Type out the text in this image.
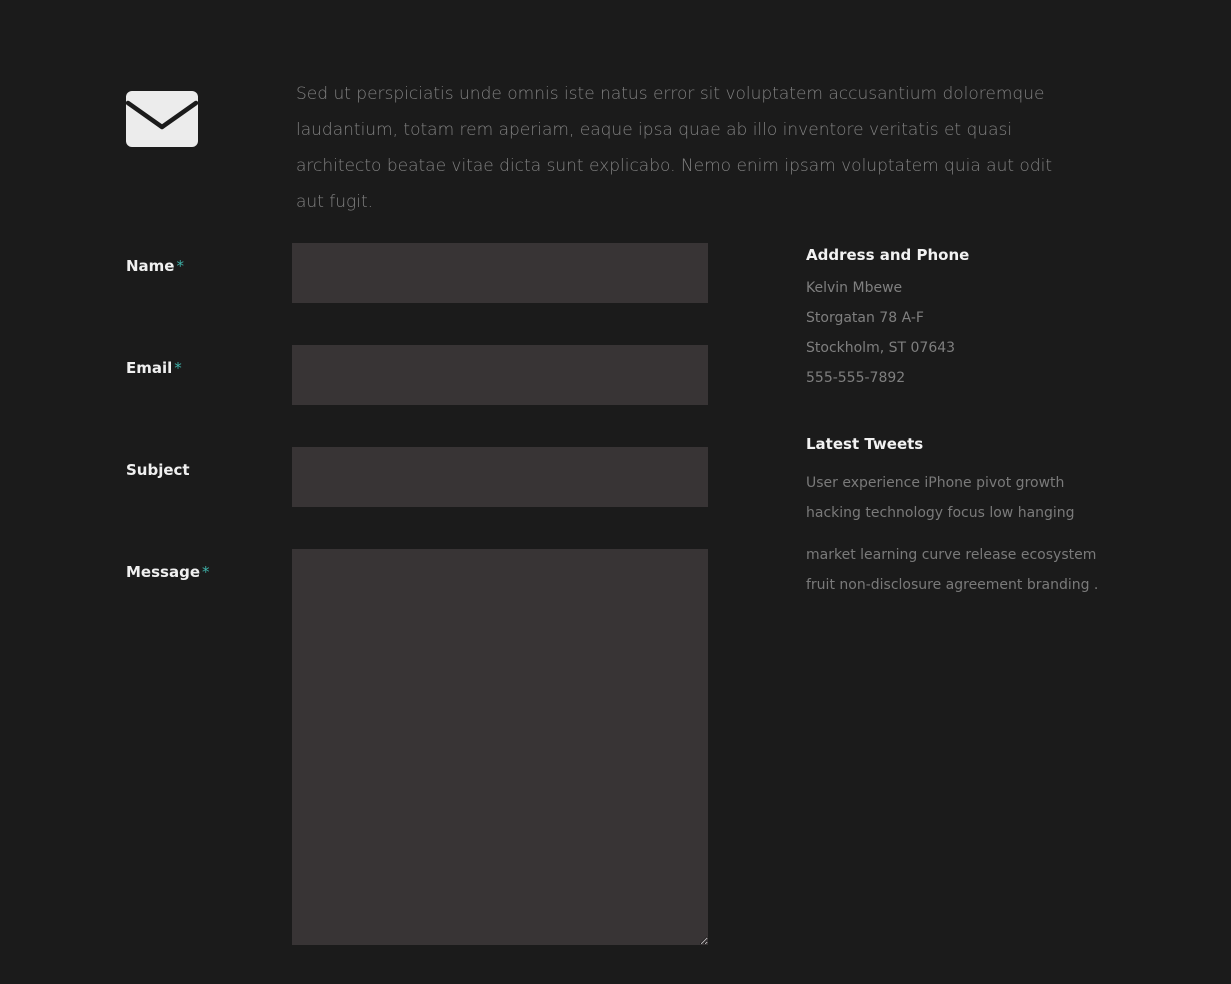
Sed ut perspiciatis unde omnis iste natus error sit voluptatem accusantium doloremque laudantium, totam rem aperiam, eaque ipsa quae ab illo inventore veritatis et quasi architecto beatae vitae dicta sunt explicabo. Nemo enim ipsam voluptatem quia aut odit aut fugit.

Name *
Email *
Subject
Message *
Address and Phone
Kelvin Mbewe
Storgatan 78 A-F
Stockholm, ST 07643
555-555-7892
Latest Tweets
User experience iPhone pivot growth hacking technology focus low hanging
market learning curve release ecosystem fruit non-disclosure agreement branding .
